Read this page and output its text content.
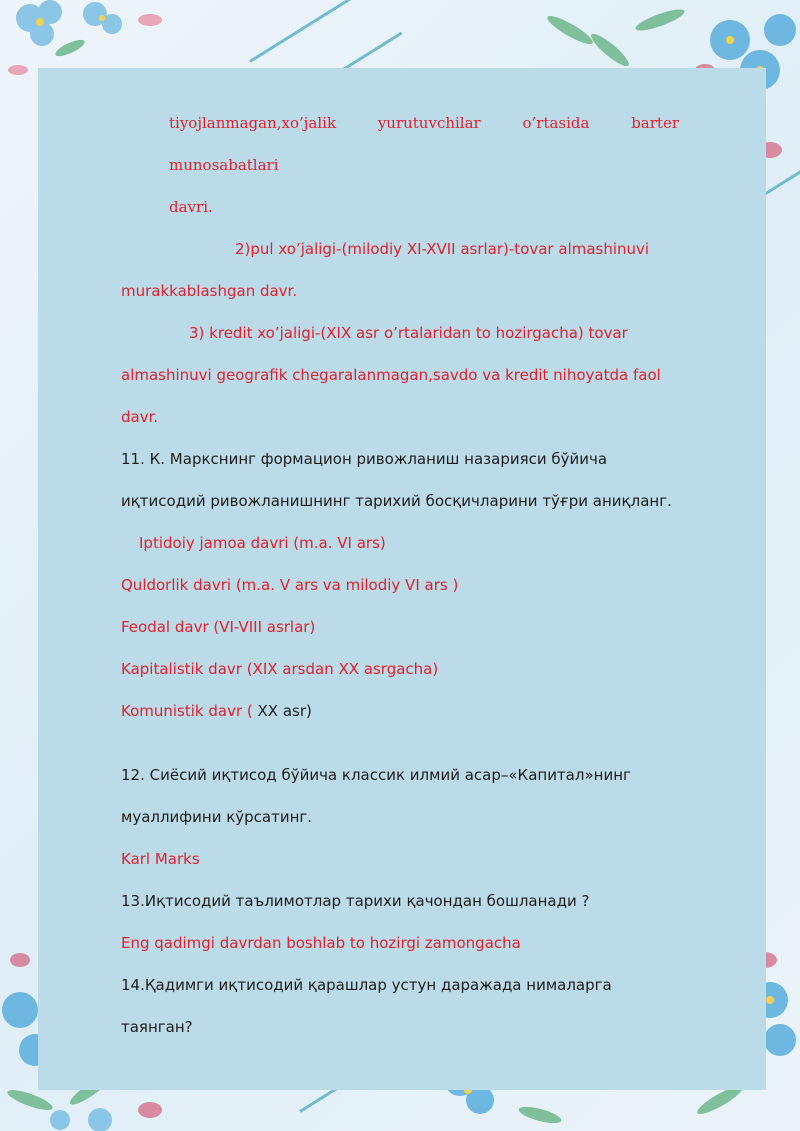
tiyojlanmagan,xo’jalik yurutuvchilar o’rtasida barter munosabatlari

davri.

2)pul xo’jaligi-(milodiy XI-XVII asrlar)-tovar almashinuvi

murakkablashgan davr.

3) kredit xo’jaligi-(XIX asr o’rtalaridan to hozirgacha) tovar

almashinuvi geografik chegaralanmagan,savdo va kredit nihoyatda faol

davr.

11. К. Маркснинг формацион ривожланиш назарияси бўйича

иқтисодий ривожланишнинг тарихий босқичларини тўғри аниқланг.

Iptidoiy jamoa davri (m.a. VI ars)

Quldorlik davri (m.a. V ars va milodiy VI ars )

Feodal davr (VI-VIII asrlar)

Kapitalistik davr (XIX arsdan XX asrgacha)

Komunistik davr ( XX asr)

12. Сиёсий иқтисод бўйича классик илмий асар–«Капитал»нинг

муаллифини кўрсатинг.

Karl Marks

13.Иқтисодий таълимотлар тарихи қачондан бошланади ?

Eng qadimgi davrdan boshlab to hozirgi zamongacha

14.Қадимги иқтисодий қарашлар устун даражада нималарга

таянган?
